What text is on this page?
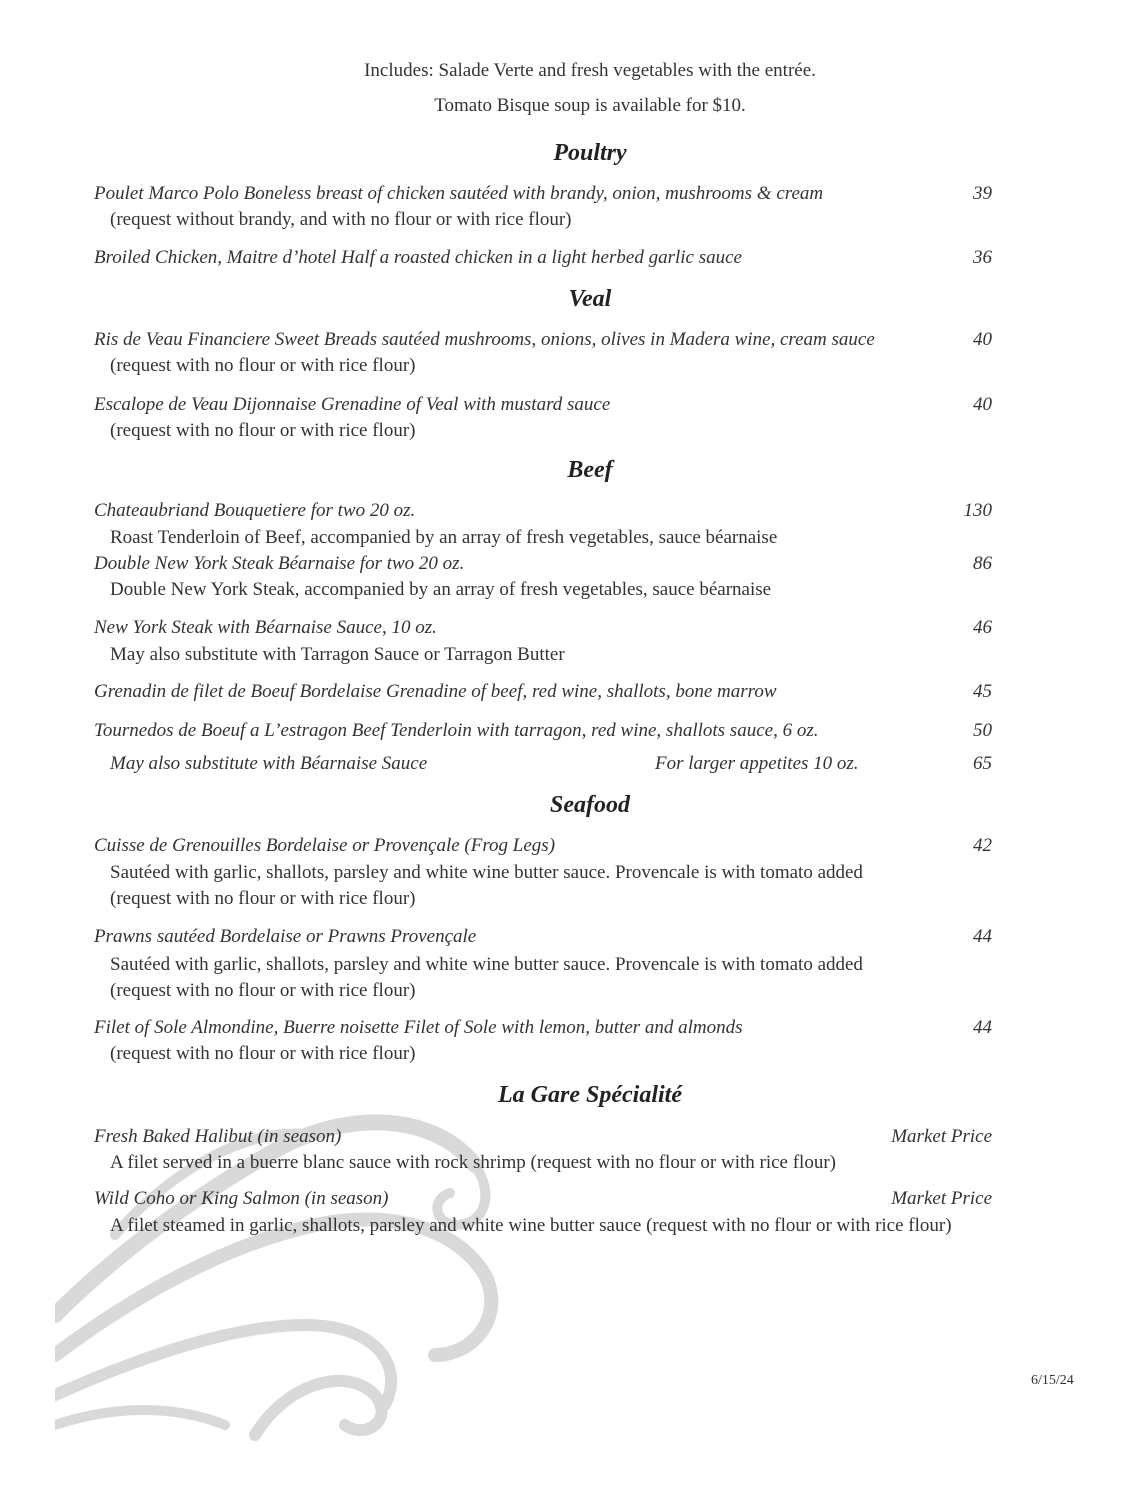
Includes: Salade Verte and fresh vegetables with the entrée.
Tomato Bisque soup is available for $10.
Poultry
Poulet Marco Polo Boneless breast of chicken sautéed with brandy, onion, mushrooms & cream	39
(request without brandy, and with no flour or with rice flour)
Broiled Chicken, Maitre d’hotel Half a roasted chicken in a light herbed garlic sauce	36
Veal
Ris de Veau Financiere Sweet Breads sautéed mushrooms, onions, olives in Madera wine, cream sauce	40
(request with no flour or with rice flour)
Escalope de Veau Dijonnaise Grenadine of Veal with mustard sauce	40
(request with no flour or with rice flour)
Beef
Chateaubriand Bouquetiere for two 20 oz.	130
Roast Tenderloin of Beef, accompanied by an array of fresh vegetables, sauce béarnaise
Double New York Steak Béarnaise for two 20 oz.	86
Double New York Steak, accompanied by an array of fresh vegetables, sauce béarnaise
New York Steak with Béarnaise Sauce, 10 oz.	46
May also substitute with Tarragon Sauce or Tarragon Butter
Grenadin de filet de Boeuf Bordelaise Grenadine of beef, red wine, shallots, bone marrow	45
Tournedos de Boeuf a L’estragon Beef Tenderloin with tarragon, red wine, shallots sauce, 6 oz.	50
May also substitute with Béarnaise Sauce	For larger appetites 10 oz.	65
Seafood
Cuisse de Grenouilles Bordelaise or Provençale (Frog Legs)	42
Sautéed with garlic, shallots, parsley and white wine butter sauce. Provencale is with tomato added
(request with no flour or with rice flour)
Prawns sautéed Bordelaise or Prawns Provençale	44
Sautéed with garlic, shallots, parsley and white wine butter sauce. Provencale is with tomato added
(request with no flour or with rice flour)
Filet of Sole Almondine, Buerre noisette Filet of Sole with lemon, butter and almonds	44
(request with no flour or with rice flour)
La Gare Spécialité
Fresh Baked Halibut (in season)	Market Price
A filet served in a buerre blanc sauce with rock shrimp (request with no flour or with rice flour)
Wild Coho or King Salmon (in season)	Market Price
A filet steamed in garlic, shallots, parsley and white wine butter sauce (request with no flour or with rice flour)
6/15/24
